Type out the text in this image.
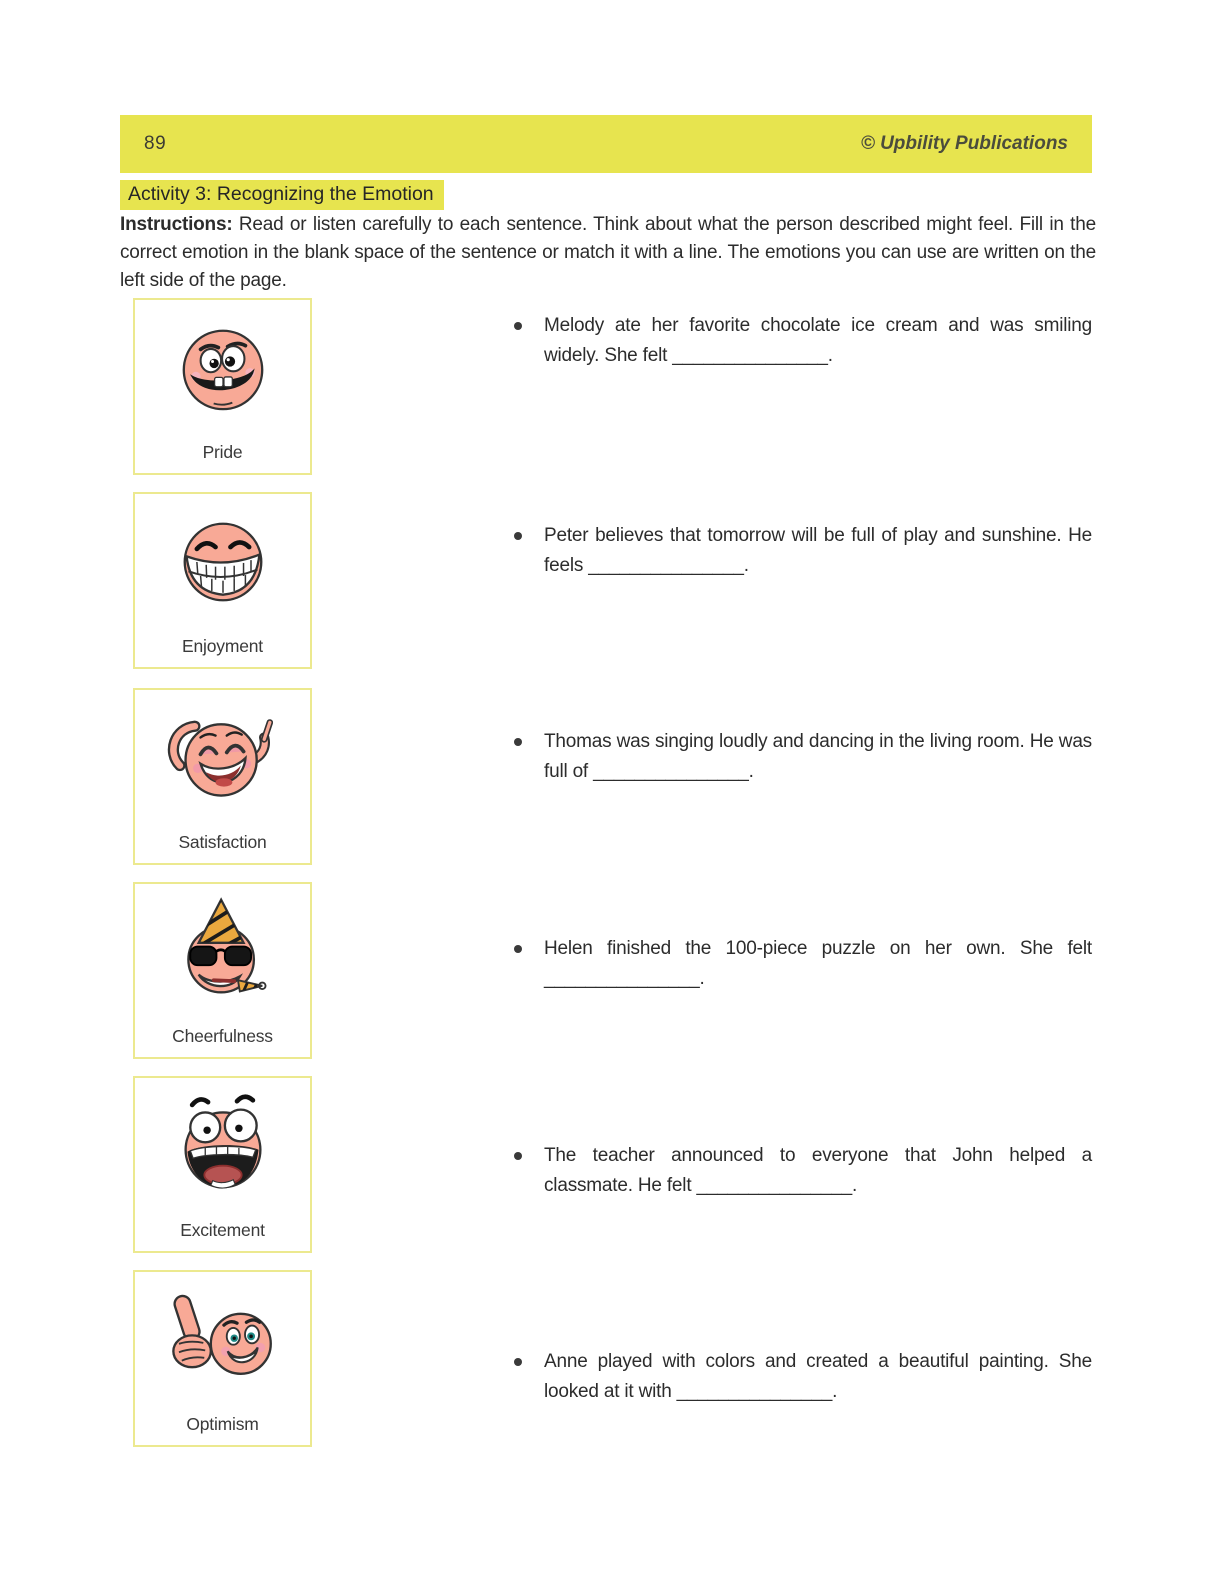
89	© Upbility Publications
Activity 3: Recognizing the Emotion

Instructions: Read or listen carefully to each sentence. Think about what the person described might feel. Fill in the correct emotion in the blank space of the sentence or match it with a line. The emotions you can use are written on the left side of the page.

Pride
Enjoyment
Satisfaction
Cheerfulness
Excitement
Optimism

Melody ate her favorite chocolate ice cream and was smiling widely. She felt _______________.

Peter believes that tomorrow will be full of play and sunshine. He feels _______________.

Thomas was singing loudly and dancing in the living room. He was full of _______________.

Helen finished the 100-piece puzzle on her own. She felt _______________.

The teacher announced to everyone that John helped a classmate. He felt _______________.

Anne played with colors and created a beautiful painting. She looked at it with _______________.
